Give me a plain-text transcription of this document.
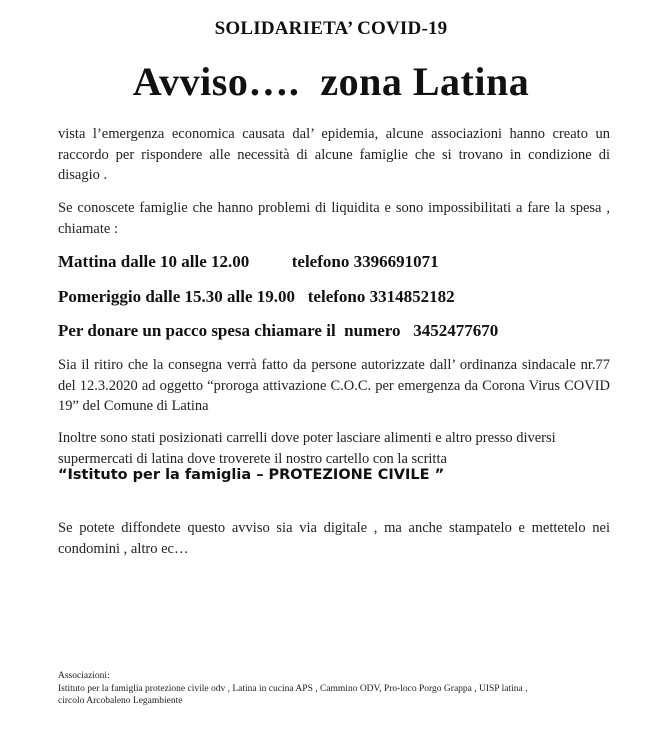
SOLIDARIETA’ COVID-19
Avviso….  zona Latina
vista l’emergenza economica causata dal’ epidemia, alcune associazioni hanno creato un raccordo per rispondere alle necessità di alcune famiglie che si trovano in condizione di disagio .
Se conoscete famiglie che hanno problemi di liquidita e sono impossibilitati a fare la spesa , chiamate :
Mattina dalle 10 alle 12.00          telefono 3396691071
Pomeriggio dalle 15.30 alle 19.00   telefono 3314852182
Per donare un pacco spesa chiamare il  numero   3452477670
Sia il ritiro che la consegna verrà fatto da persone autorizzate dall’ ordinanza sindacale nr.77 del 12.3.2020 ad oggetto “proroga attivazione C.O.C. per emergenza da Corona Virus COVID 19” del Comune di Latina
Inoltre sono stati posizionati carrelli dove poter lasciare alimenti e altro presso diversi supermercati di latina dove troverete il nostro cartello con la scritta
“Istituto per la famiglia – PROTEZIONE CIVILE ”
Se potete diffondete questo avviso sia via digitale , ma anche stampatelo e mettetelo nei condomini , altro ec…
Associazioni:
Istituto per la famiglia protezione civile odv , Latina in cucina APS , Cammino ODV, Pro-loco Porgo Grappa , UISP latina ,
circolo Arcobaleno Legambiente
